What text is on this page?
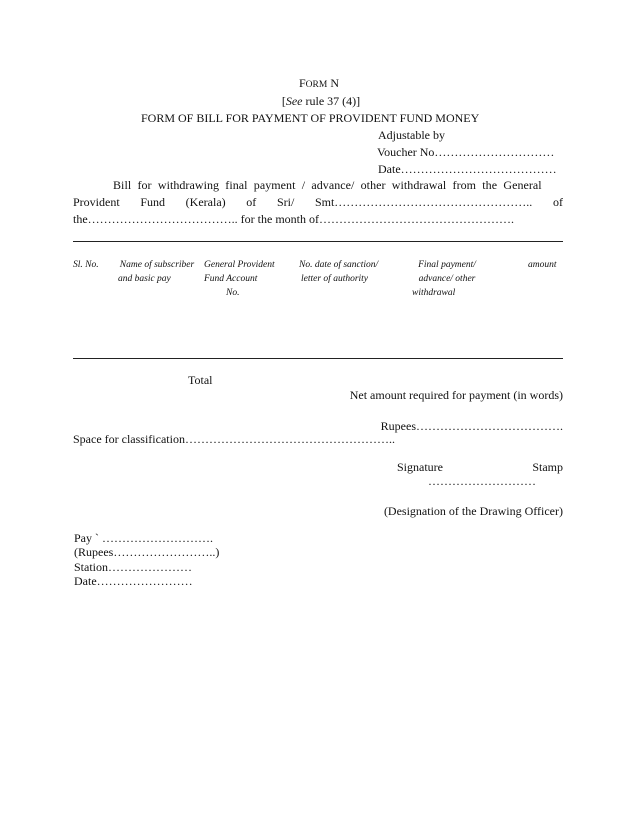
FORM N
[See rule 37 (4)]
FORM OF BILL FOR PAYMENT OF PROVIDENT FUND MONEY
Adjustable by
Voucher No…………………………
Date…………………………………
Bill for withdrawing final payment / advance/ other withdrawal from the General
Provident Fund (Kerala) of Sri/ Smt………………………………………….. of
the……………………………….. for the month of………………………………………….
Sl. No.	Name of subscriber
and basic pay
General Provident
Fund Account
No.
No. date of sanction/
letter of authority
Final payment/
advance/ other
withdrawal
amount
Total
Net amount required for payment (in words)
Rupees……………………………….
Space for classification……………………………………………..
Signature	Stamp
………………………
(Designation of the Drawing Officer)
Pay ` ……………………….
(Rupees……………………..)
Station…………………
Date……………………
